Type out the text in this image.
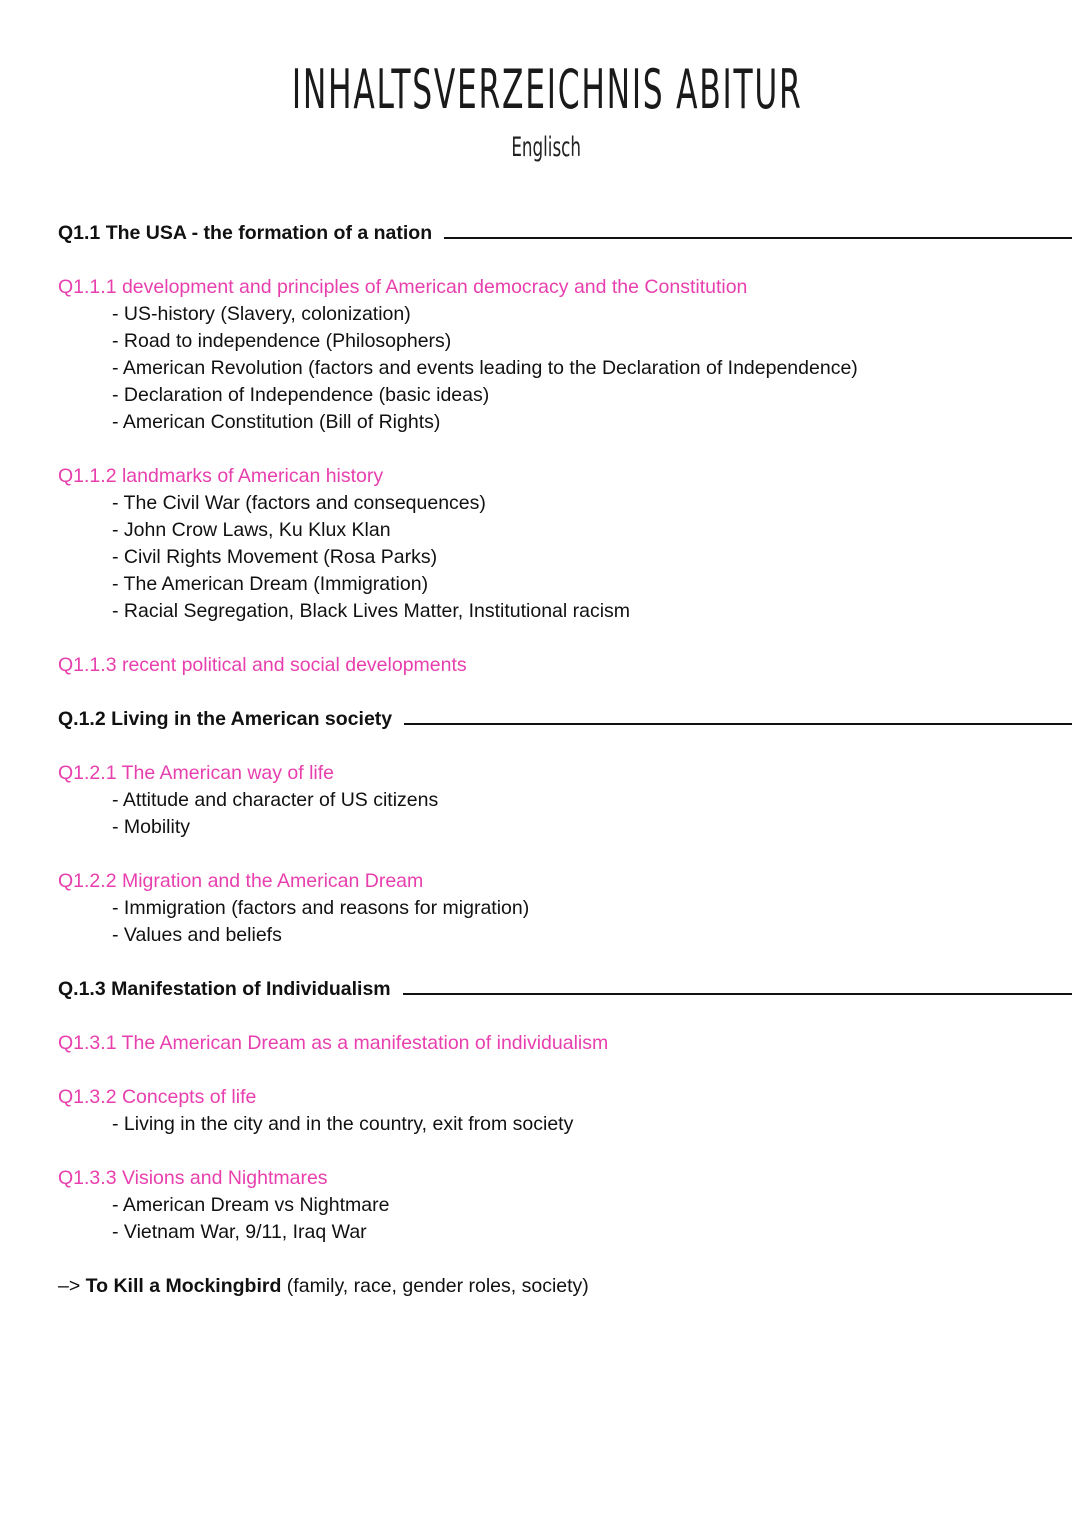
INHALTSVERZEICHNIS ABITUR
Englisch
Q1.1 The USA - the formation of a nation
Q1.1.1 development and principles of American democracy and the Constitution
- US-history (Slavery, colonization)
- Road to independence (Philosophers)
- American Revolution (factors and events leading to the Declaration of Independence)
- Declaration of Independence (basic ideas)
- American Constitution (Bill of Rights)
Q1.1.2 landmarks of American history
- The Civil War (factors and consequences)
- John Crow Laws, Ku Klux Klan
- Civil Rights Movement (Rosa Parks)
- The American Dream (Immigration)
- Racial Segregation, Black Lives Matter, Institutional racism
Q1.1.3 recent political and social developments
Q.1.2 Living in the American society
Q1.2.1 The American way of life
- Attitude and character of US citizens
- Mobility
Q1.2.2 Migration and the American Dream
- Immigration (factors and reasons for migration)
- Values and beliefs
Q.1.3 Manifestation of Individualism
Q1.3.1 The American Dream as a manifestation of individualism
Q1.3.2 Concepts of life
- Living in the city and in the country, exit from society
Q1.3.3 Visions and Nightmares
- American Dream vs Nightmare
- Vietnam War, 9/11, Iraq War
–> To Kill a Mockingbird (family, race, gender roles, society)
